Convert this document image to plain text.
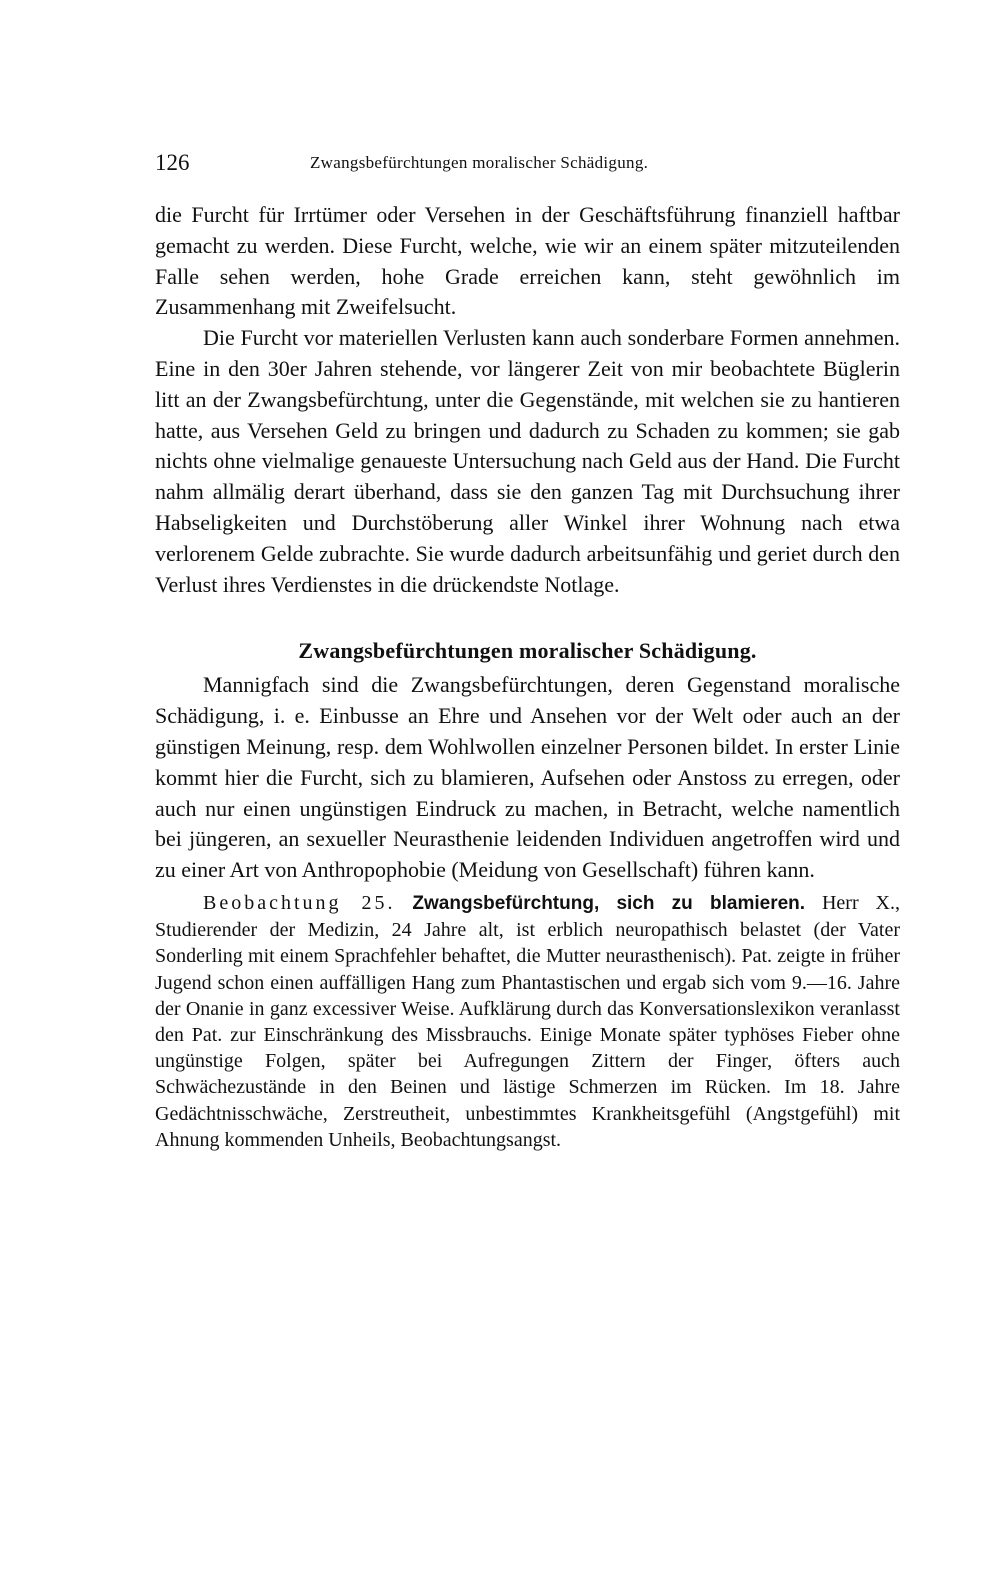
126	Zwangsbefürchtungen moralischer Schädigung.

die Furcht für Irrtümer oder Versehen in der Geschäftsführung finanziell haftbar gemacht zu werden. Diese Furcht, welche, wie wir an einem später mitzuteilenden Falle sehen werden, hohe Grade erreichen kann, steht gewöhnlich im Zusammenhang mit Zweifelsucht.

Die Furcht vor materiellen Verlusten kann auch sonderbare Formen annehmen. Eine in den 30er Jahren stehende, vor längerer Zeit von mir beobachtete Büglerin litt an der Zwangsbefürchtung, unter die Gegenstände, mit welchen sie zu hantieren hatte, aus Versehen Geld zu bringen und dadurch zu Schaden zu kommen; sie gab nichts ohne vielmalige genaueste Untersuchung nach Geld aus der Hand. Die Furcht nahm allmälig derart überhand, dass sie den ganzen Tag mit Durchsuchung ihrer Habseligkeiten und Durchstöberung aller Winkel ihrer Wohnung nach etwa verlorenem Gelde zubrachte. Sie wurde dadurch arbeitsunfähig und geriet durch den Verlust ihres Verdienstes in die drückendste Notlage.

Zwangsbefürchtungen moralischer Schädigung.

Mannigfach sind die Zwangsbefürchtungen, deren Gegenstand moralische Schädigung, i. e. Einbusse an Ehre und Ansehen vor der Welt oder auch an der günstigen Meinung, resp. dem Wohlwollen einzelner Personen bildet. In erster Linie kommt hier die Furcht, sich zu blamieren, Aufsehen oder Anstoss zu erregen, oder auch nur einen ungünstigen Eindruck zu machen, in Betracht, welche namentlich bei jüngeren, an sexueller Neurasthenie leidenden Individuen angetroffen wird und zu einer Art von Anthropophobie (Meidung von Gesellschaft) führen kann.

Beobachtung 25. Zwangsbefürchtung, sich zu blamieren. Herr X., Studierender der Medizin, 24 Jahre alt, ist erblich neuropathisch belastet (der Vater Sonderling mit einem Sprachfehler behaftet, die Mutter neurasthenisch). Pat. zeigte in früher Jugend schon einen auffälligen Hang zum Phantastischen und ergab sich vom 9.—16. Jahre der Onanie in ganz excessiver Weise. Aufklärung durch das Konversationslexikon veranlasst den Pat. zur Einschränkung des Missbrauchs. Einige Monate später typhöses Fieber ohne ungünstige Folgen, später bei Aufregungen Zittern der Finger, öfters auch Schwächezustände in den Beinen und lästige Schmerzen im Rücken. Im 18. Jahre Gedächtnisschwäche, Zerstreutheit, unbestimmtes Krankheitsgefühl (Angstgefühl) mit Ahnung kommenden Unheils, Beobachtungsangst.
